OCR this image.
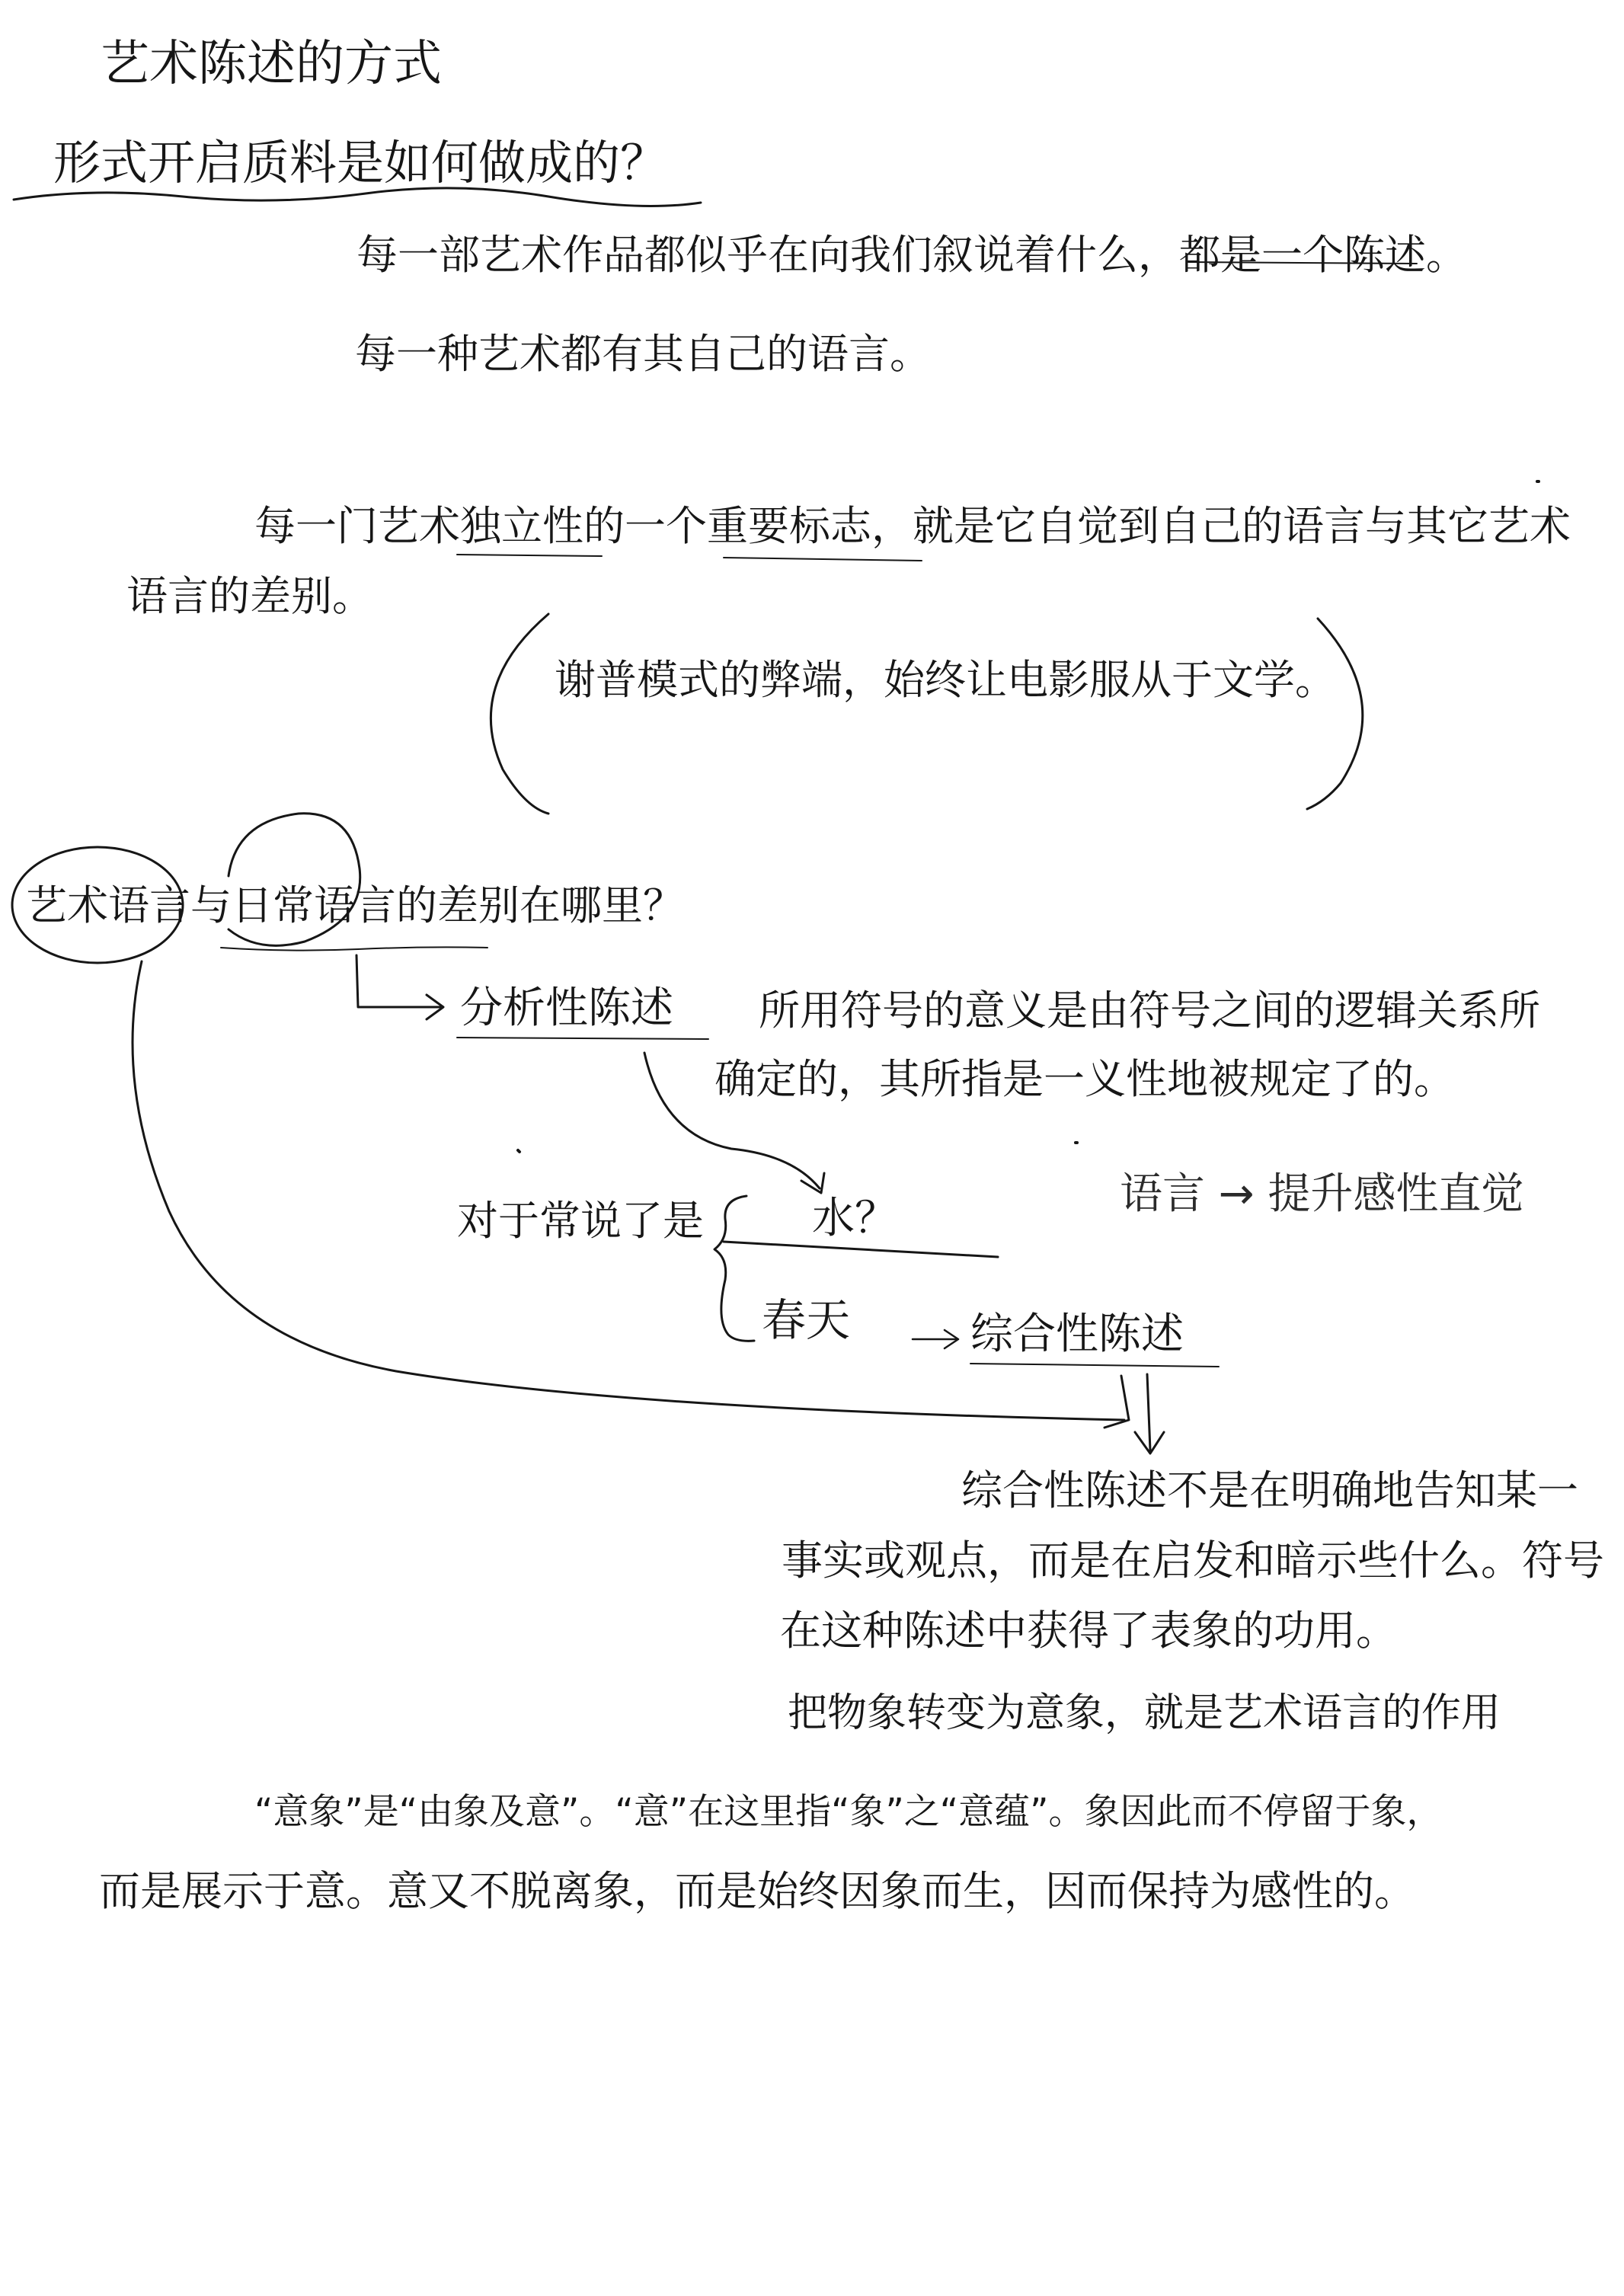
艺术陈述的方式
形式开启质料是如何做成的？
每一部艺术作品都似乎在向我们叙说着什么，都是一个陈述。
每一种艺术都有其自己的语言。
每一门艺术独立性的一个重要标志，就是它自觉到自己的语言与其它艺术
语言的差别。
谢普模式的弊端，始终让电影服从于文学。
艺术语言与日常语言的差别在哪里？
分析性陈述 所用符号的意义是由符号之间的逻辑关系所
确定的，其所指是一义性地被规定了的。
对于常说了是	水？	语言 → 提升感性直觉
春天	综合性陈述
综合性陈述不是在明确地告知某一
事实或观点，而是在启发和暗示些什么。符号
在这种陈述中获得了表象的功用。
把物象转变为意象，就是艺术语言的作用
“意象”是“由象及意”。“意”在这里指“象”之“意蕴”。象因此而不停留于象，
而是展示于意。意又不脱离象，而是始终因象而生，因而保持为感性的。
